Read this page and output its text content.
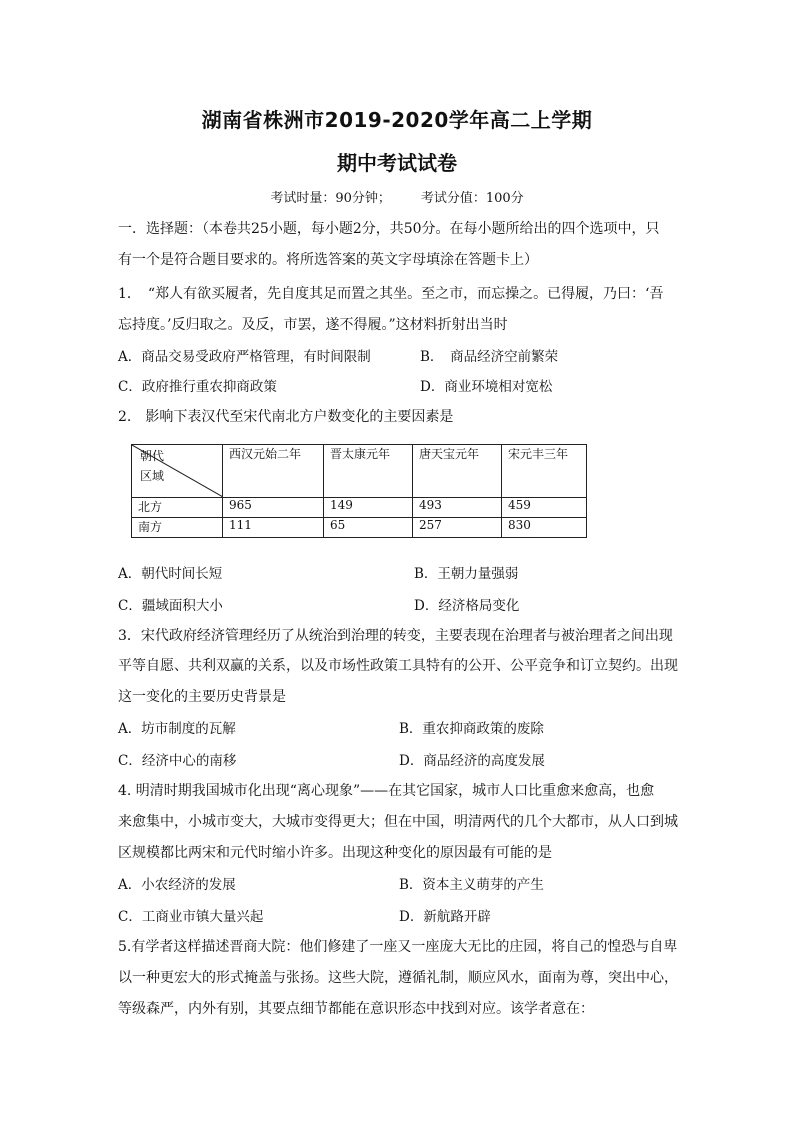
湖南省株洲市2019-2020学年高二上学期
期中考试试卷
考试时量：90分钟； 考试分值：100分
一．选择题：（本卷共25小题，每小题2分，共50分。在每小题所给出的四个选项中，只
有一个是符合题目要求的。将所选答案的英文字母填涂在答题卡上）
1．　“郑人有欲买履者，先自度其足而置之其坐。至之市，而忘操之。已得履，乃曰：‘吾
忘持度。’反归取之。及反，市罢，遂不得履。”这材料折射出当时
A．商品交易受政府严格管理，有时间限制	B．　商品经济空前繁荣
C．政府推行重农抑商政策	D．商业环境相对宽松
2.　影响下表汉代至宋代南北方户数变化的主要因素是
朝代
区域	西汉元始二年	晋太康元年	唐天宝元年	宋元丰三年
北方	965	149	493	459
南方	111	65	257	830
A．朝代时间长短	B．王朝力量强弱
C．疆域面积大小	D．经济格局变化
3．宋代政府经济管理经历了从统治到治理的转变，主要表现在治理者与被治理者之间出现
平等自愿、共利双赢的关系，以及市场性政策工具特有的公开、公平竞争和订立契约。出现
这一变化的主要历史背景是
A．坊市制度的瓦解	B．重农抑商政策的废除
C．经济中心的南移	D．商品经济的高度发展
4. 明清时期我国城市化出现“离心现象”——在其它国家，城市人口比重愈来愈高，也愈
来愈集中，小城市变大，大城市变得更大；但在中国，明清两代的几个大都市，从人口到城
区规模都比两宋和元代时缩小许多。出现这种变化的原因最有可能的是
A．小农经济的发展	B．资本主义萌芽的产生
C．工商业市镇大量兴起	D．新航路开辟
5.有学者这样描述晋商大院：他们修建了一座又一座庞大无比的庄园，将自己的惶恐与自卑
以一种更宏大的形式掩盖与张扬。这些大院，遵循礼制，顺应风水，面南为尊，突出中心，
等级森严，内外有别，其要点细节都能在意识形态中找到对应。该学者意在：
